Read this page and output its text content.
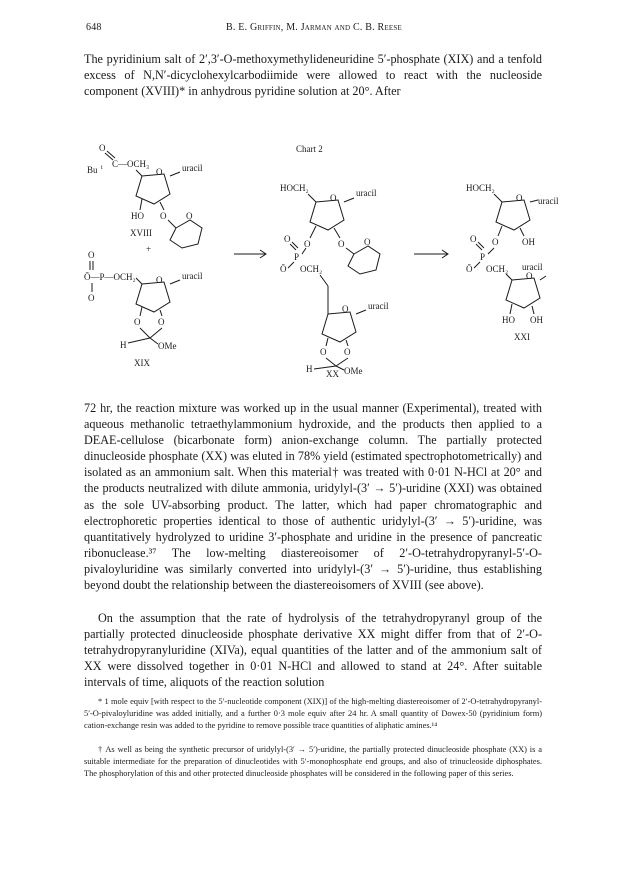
648	B. E. Griffin, M. Jarman and C. B. Reese

The pyridinium salt of 2′,3′-O-methoxymethylideneuridine 5′-phosphate (XIX) and a tenfold excess of N,N′-dicyclohexylcarbodiimide were allowed to react with the nucleoside component (XVIII)* in anhydrous pyridine solution at 20°. After

Chart 2
O
Bu t C—OCH₃
O uracil
HO O O
XVIII
+
O
Ō—P—OCH₂
O
O uracil
O O
H	OMe
XIX
HOCH₂
O uracil
O	O O
O
P
Ō OCH₂
O uracil
O O
H	OMe
XX
HOCH₂
O uracil
O	OH
O
P
Ō OCH₂
O
uracil
HO OH
XXI

72 hr, the reaction mixture was worked up in the usual manner (Experimental), treated with aqueous methanolic tetraethylammonium hydroxide, and the products then applied to a DEAE-cellulose (bicarbonate form) anion-exchange column. The partially protected dinucleoside phosphate (XX) was eluted in 78% yield (estimated spectrophotometrically) and isolated as an ammonium salt. When this material† was treated with 0·01 N-HCl at 20° and the products neutralized with dilute ammonia, uridylyl-(3′ → 5′)-uridine (XXI) was obtained as the sole UV-absorbing product. The latter, which had paper chromatographic and electrophoretic properties identical to those of authentic uridylyl-(3′ → 5′)-uridine, was quantitatively hydrolyzed to uridine 3′-phosphate and uridine in the presence of pancreatic ribonuclease.³⁷ The low-melting diastereoisomer of 2′-O-tetrahydropyranyl-5′-O-pivaloyluridine was similarly converted into uridylyl-(3′ → 5′)-uridine, thus establishing beyond doubt the relationship between the diastereoisomers of XVIII (see above).

On the assumption that the rate of hydrolysis of the tetrahydropyranyl group of the partially protected dinucleoside phosphate derivative XX might differ from that of 2′-O-tetrahydropyranyluridine (XIVa), equal quantities of the latter and of the ammonium salt of XX were dissolved together in 0·01 N-HCl and allowed to stand at 24°. After suitable intervals of time, aliquots of the reaction solution

* 1 mole equiv [with respect to the 5′-nucleotide component (XIX)] of the high-melting diastereoisomer of 2′-O-tetrahydropyranyl-5′-O-pivaloyluridine was added initially, and a further 0·3 mole equiv after 24 hr. A small quantity of Dowex-50 (pyridinium form) cation-exchange resin was added to the pyridine to remove possible trace quantities of aliphatic amines.¹⁴

† As well as being the synthetic precursor of uridylyl-(3′ → 5′)-uridine, the partially protected dinucleoside phosphate (XX) is a suitable intermediate for the preparation of dinucleotides with 5′-monophosphate end groups, and also of trinucleoside diphosphates. The phosphorylation of this and other protected dinucleoside phosphates will be considered in the following paper of this series.
